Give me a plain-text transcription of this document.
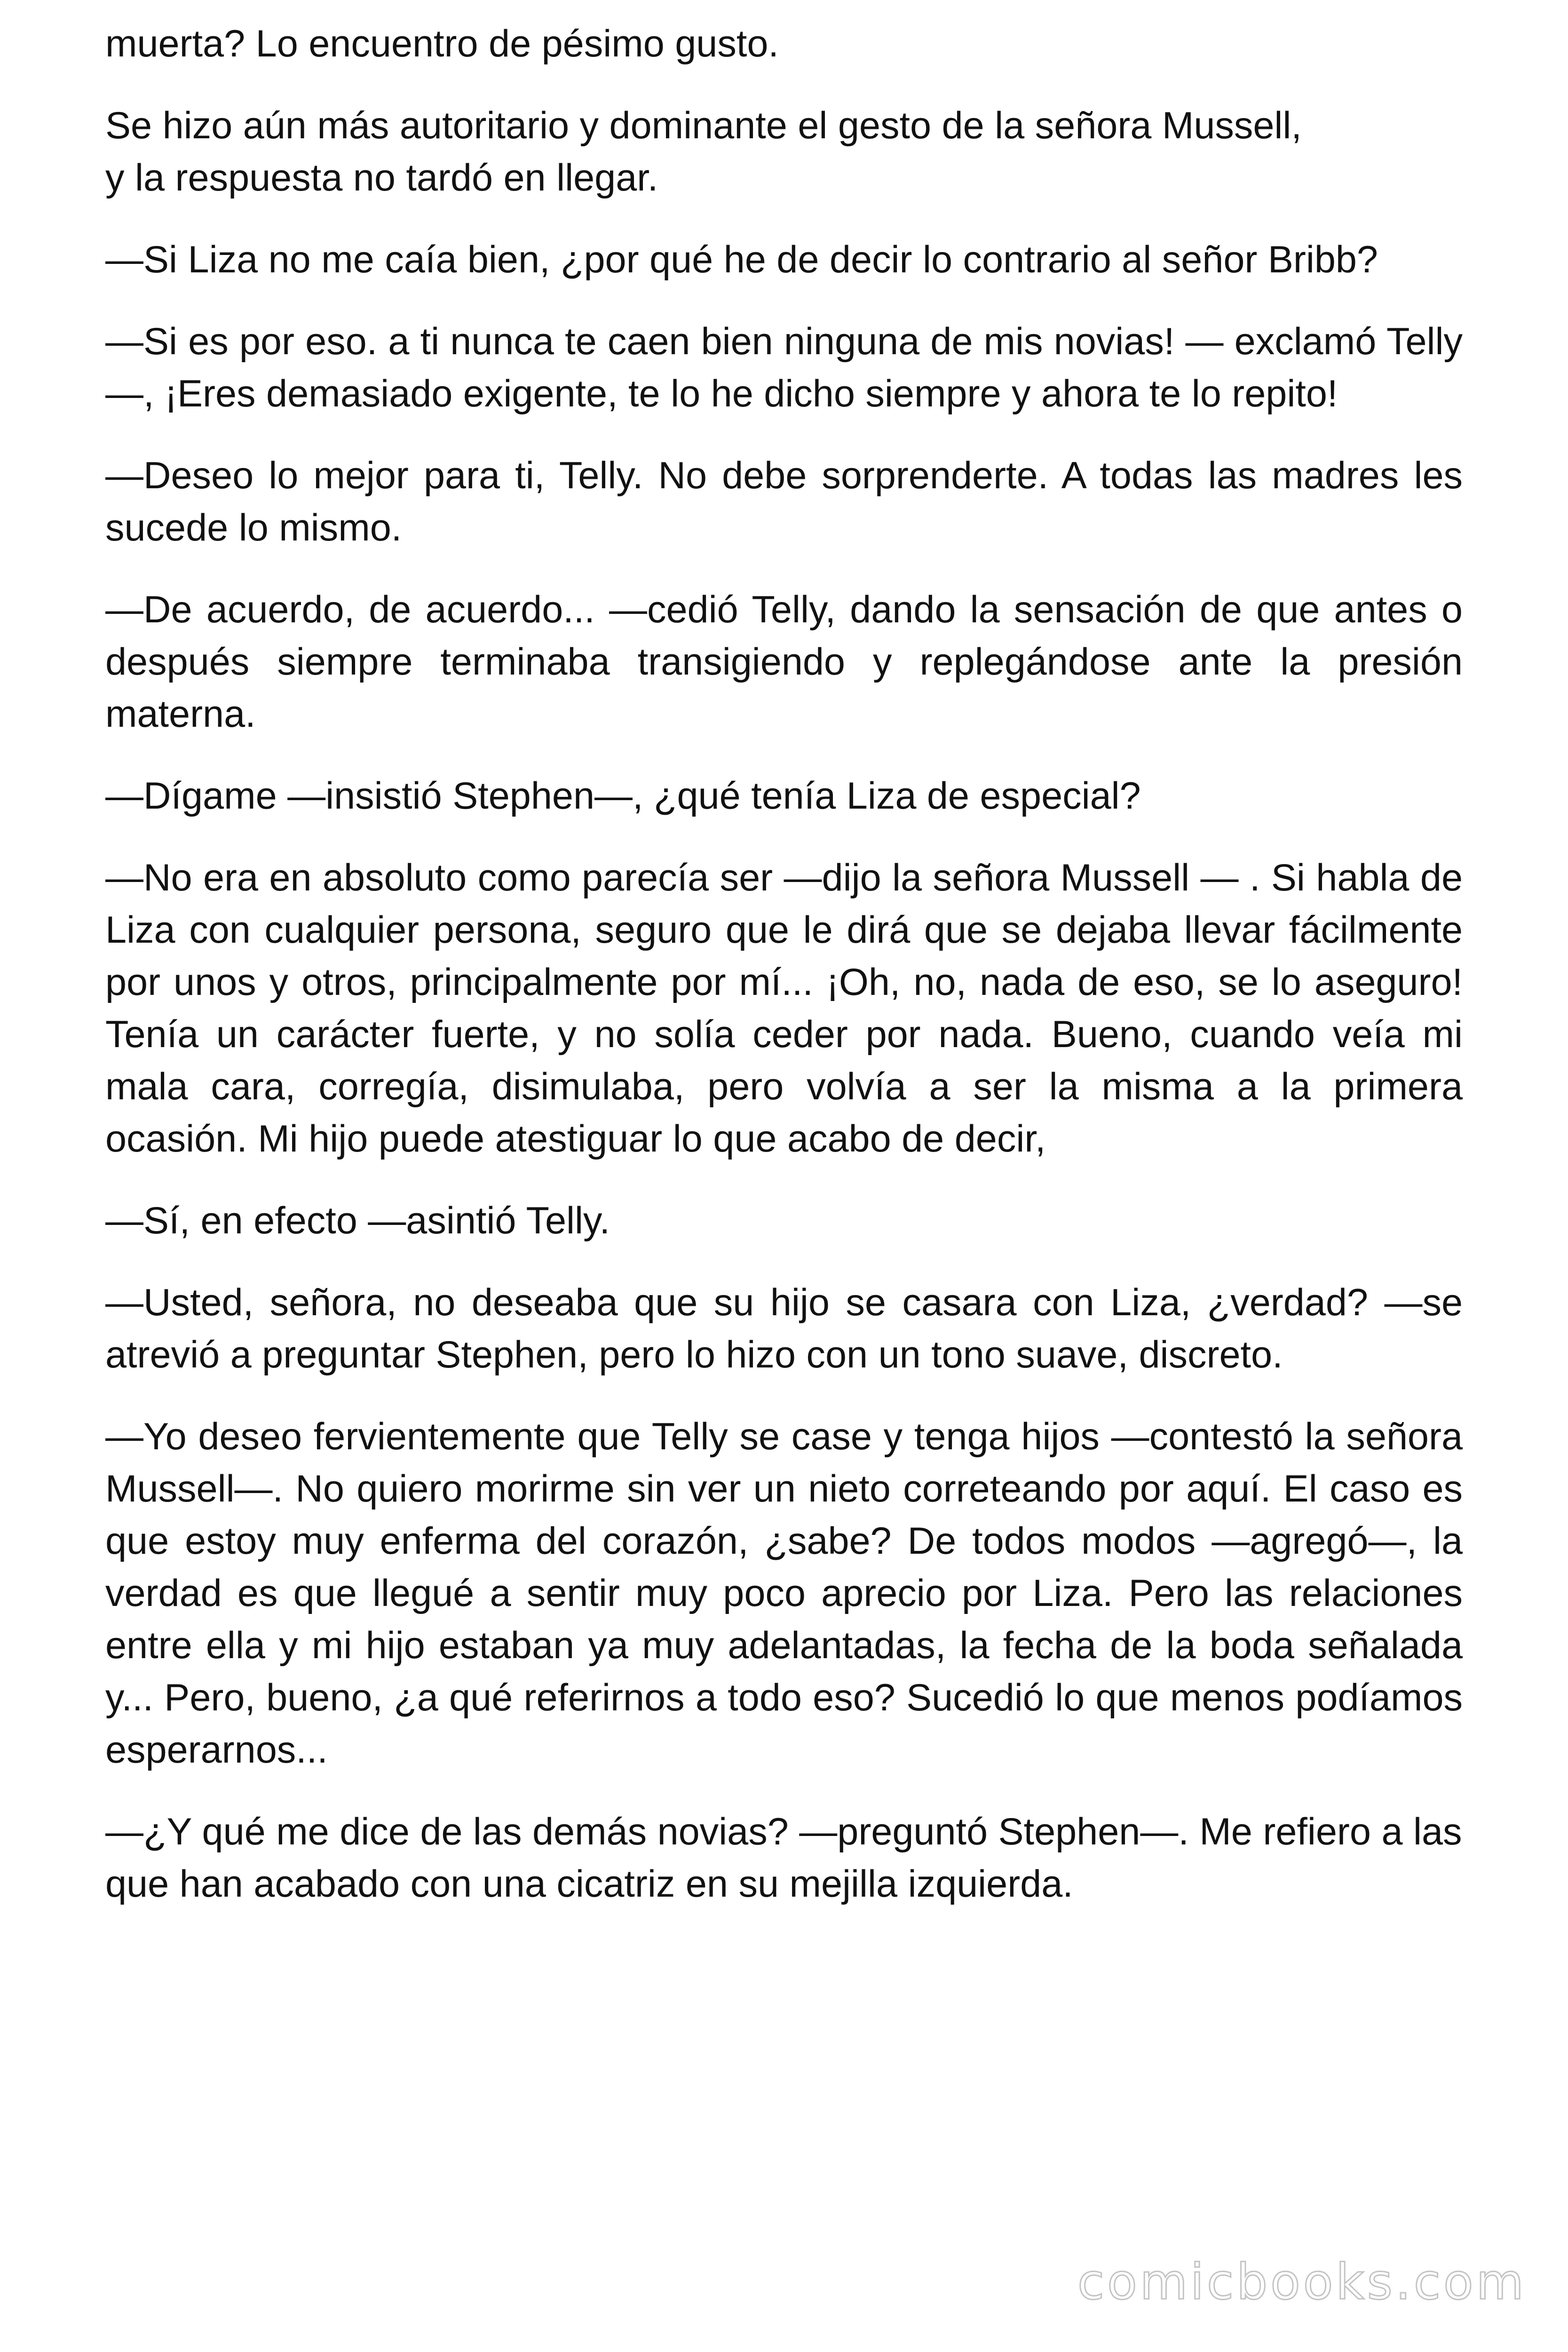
muerta? Lo encuentro de pésimo gusto.

Se hizo aún más autoritario y dominante el gesto de la señora Mussell,
y la respuesta no tardó en llegar.

—Si Liza no me caía bien, ¿por qué he de decir lo contrario al señor Bribb?

—Si es por eso. a ti nunca te caen bien ninguna de mis novias! — exclamó Telly—, ¡Eres demasiado exigente, te lo he dicho siempre y ahora te lo repito!

—Deseo lo mejor para ti, Telly. No debe sorprenderte. A todas las madres les sucede lo mismo.

—De acuerdo, de acuerdo... —cedió Telly, dando la sensación de que antes o después siempre terminaba transigiendo y replegándose ante la presión materna.

—Dígame —insistió Stephen—, ¿qué tenía Liza de especial?

—No era en absoluto como parecía ser —dijo la señora Mussell — . Si habla de Liza con cualquier persona, seguro que le dirá que se dejaba llevar fácilmente por unos y otros, principalmente por mí... ¡Oh, no, nada de eso, se lo aseguro! Tenía un carácter fuerte, y no solía ceder por nada. Bueno, cuando veía mi mala cara, corregía, disimulaba, pero volvía a ser la misma a la primera ocasión. Mi hijo puede atestiguar lo que acabo de decir,

—Sí, en efecto —asintió Telly.

—Usted, señora, no deseaba que su hijo se casara con Liza, ¿verdad? —se atrevió a preguntar Stephen, pero lo hizo con un tono suave, discreto.

—Yo deseo fervientemente que Telly se case y tenga hijos —contestó la señora Mussell—. No quiero morirme sin ver un nieto correteando por aquí. El caso es que estoy muy enferma del corazón, ¿sabe? De todos modos —agregó—, la verdad es que llegué a sentir muy poco aprecio por Liza. Pero las relaciones entre ella y mi hijo estaban ya muy adelantadas, la fecha de la boda señalada y... Pero, bueno, ¿a qué referirnos a todo eso? Sucedió lo que menos podíamos esperarnos...

—¿Y qué me dice de las demás novias? —preguntó Stephen—. Me refiero a las que han acabado con una cicatriz en su mejilla izquierda.

comicbooks.com
